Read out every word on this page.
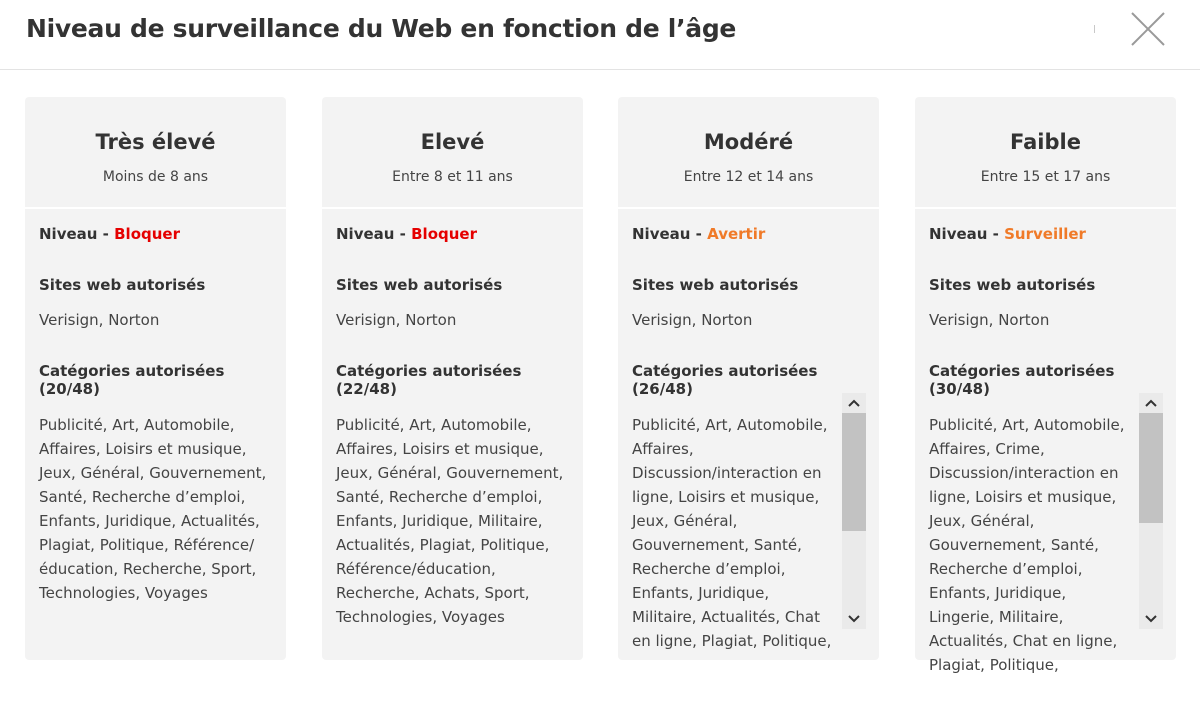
Niveau de surveillance du Web en fonction de l’âge
Très élevé
Moins de 8 ans
Niveau - Bloquer
Sites web autorisés
Verisign, Norton
Catégories autorisées (20/48)
Publicité, Art, Automobile, Affaires, Loisirs et musique, Jeux, Général, Gouvernement, Santé, Recherche d’emploi, Enfants, Juridique, Actualités, Plagiat, Politique, Référence/éducation, Recherche, Sport, Technologies, Voyages
Elevé
Entre 8 et 11 ans
Niveau - Bloquer
Sites web autorisés
Verisign, Norton
Catégories autorisées (22/48)
Publicité, Art, Automobile, Affaires, Loisirs et musique, Jeux, Général, Gouvernement, Santé, Recherche d’emploi, Enfants, Juridique, Militaire, Actualités, Plagiat, Politique, Référence/éducation, Recherche, Achats, Sport, Technologies, Voyages
Modéré
Entre 12 et 14 ans
Niveau - Avertir
Sites web autorisés
Verisign, Norton
Catégories autorisées (26/48)
Publicité, Art, Automobile, Affaires, Discussion/interaction en ligne, Loisirs et musique, Jeux, Général, Gouvernement, Santé, Recherche d’emploi, Enfants, Juridique, Militaire, Actualités, Chat en ligne, Plagiat, Politique,
Faible
Entre 15 et 17 ans
Niveau - Surveiller
Sites web autorisés
Verisign, Norton
Catégories autorisées (30/48)
Publicité, Art, Automobile, Affaires, Crime, Discussion/interaction en ligne, Loisirs et musique, Jeux, Général, Gouvernement, Santé, Recherche d’emploi, Enfants, Juridique, Lingerie, Militaire, Actualités, Chat en ligne, Plagiat, Politique,
